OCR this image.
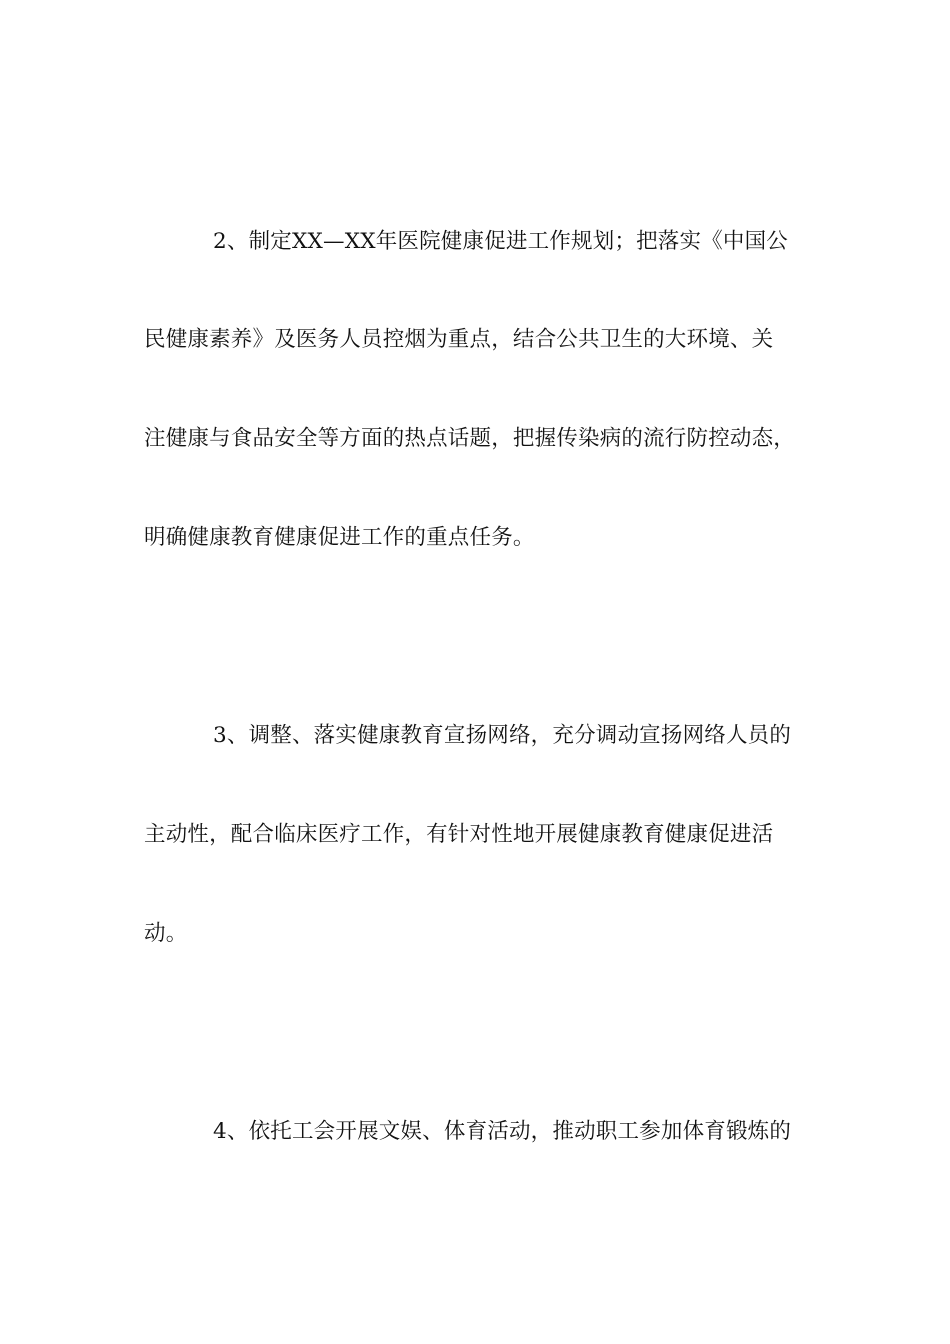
2、制定XX—XX年医院健康促进工作规划；把落实《中国公
民健康素养》及医务人员控烟为重点，结合公共卫生的大环境、关
注健康与食品安全等方面的热点话题，把握传染病的流行防控动态，
明确健康教育健康促进工作的重点任务。
3、调整、落实健康教育宣扬网络，充分调动宣扬网络人员的
主动性，配合临床医疗工作，有针对性地开展健康教育健康促进活
动。
4、依托工会开展文娱、体育活动，推动职工参加体育锻炼的
